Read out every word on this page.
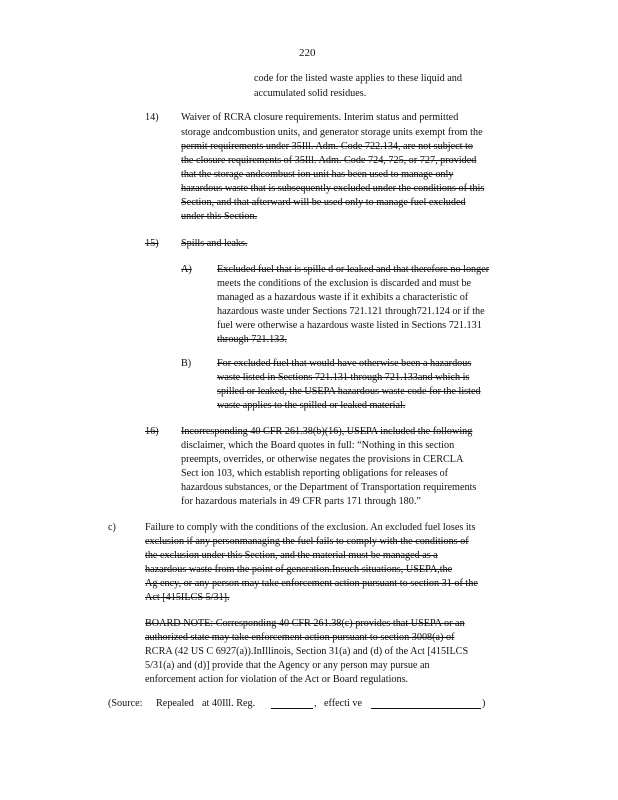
220
code for the listed waste applies to these liquid and
accumulated solid residues.
14) Waiver of RCRA closure requirements. Interim status and permitted
storage andcombustion units, and generator storage units exempt from the
permit requirements under 35Ill. Adm. Code 722.134, are not subject to
the closure requirements of 35Ill. Adm. Code 724, 725, or 727, provided
that the storage andcombust ion unit has been used to manage only
hazardous waste that is subsequently excluded under the conditions of this
Section, and that afterward will be used only to manage fuel excluded
under this Section.
15) Spills and leaks.
A) Excluded fuel that is spille d or leaked and that therefore no longer
meets the conditions of the exclusion is discarded and must be
managed as a hazardous waste if it exhibits a characteristic of
hazardous waste under Sections 721.121 through721.124 or if the
fuel were otherwise a hazardous waste listed in Sections 721.131
through 721.133.
B)	For excluded fuel that would have otherwise been a hazardous
waste listed in Sections 721.131 through 721.133and which is
spilled or leaked, the USEPA hazardous waste code for the listed
waste applies to the spilled or leaked material.
16) Incorresponding 40 CFR 261.38(b)(16), USEPA included the following
disclaimer, which the Board quotes in full: “Nothing in this section
preempts, overrides, or otherwise negates the provisions in CERCLA
Sect ion 103, which establish reporting obligations for releases of
hazardous substances, or the Department of Transportation requirements
for hazardous materials in 49 CFR parts 171 through 180.”
c)	Failure to comply with the conditions of the exclusion. An excluded fuel loses its
exclusion if any personmanaging the fuel fails to comply with the conditions of
the exclusion under this Section, and the material must be managed as a
hazardous waste from the point of generation.Insuch situations, USEPA,the
Ag ency, or any person may take enforcement action pursuant to section 31 of the
Act [415ILCS 5/31].
BOARD NOTE: Corresponding 40 CFR 261.38(c) provides that USEPA or an
authorized state may take enforcement action pursuant to section 3008(a) of
RCRA (42 US C 6927(a)).InIllinois, Section 31(a) and (d) of the Act [415ILCS
5/31(a) and (d)] provide that the Agency or any person may pursue an
enforcement action for violation of the Act or Board regulations.
(Source: Repealed at 40Ill. Reg.	, effecti ve	)
